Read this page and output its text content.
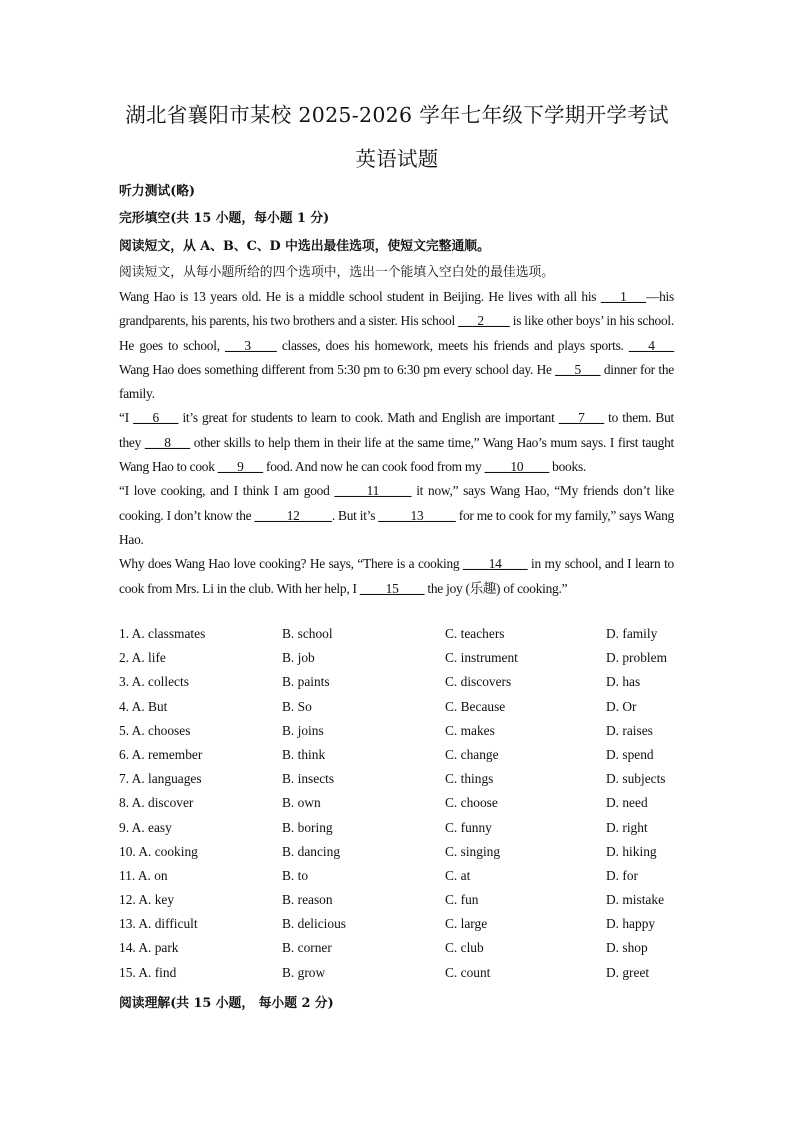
湖北省襄阳市某校 2025-2026 学年七年级下学期开学考试
英语试题
听力测试(略)
完形填空(共 15 小题，每小题 1 分)
阅读短文，从 A、B、C、D 中选出最佳选项，使短文完整通顺。
阅读短文，从每小题所给的四个选项中，选出一个能填入空白处的最佳选项。

Wang Hao is 13 years old. He is a middle school student in Beijing. He lives with all his ___1___—his grandparents, his parents, his two brothers and a sister. His school ___2____ is like other boys’ in his school. He goes to school, ___3____ classes, does his homework, meets his friends and plays sports. ___4___ Wang Hao does something different from 5:30 pm to 6:30 pm every school day. He ___5___ dinner for the family.

“I ___6___ it’s great for students to learn to cook. Math and English are important ___7___ to them. But they ___8___ other skills to help them in their life at the same time,” Wang Hao’s mum says. I first taught Wang Hao to cook ___9___ food. And now he can cook food from my ____10____ books.

“I love cooking, and I think I am good _____11_____ it now,” says Wang Hao, “My friends don’t like cooking. I don’t know the _____12_____. But it’s _____13_____ for me to cook for my family,” says Wang Hao.

Why does Wang Hao love cooking? He says, “There is a cooking ____14____ in my school, and I learn to cook from Mrs. Li in the club. With her help, I ____15____ the joy (乐趣) of cooking.”

1. A. classmates	B. school	C. teachers	D. family
2. A. life	B. job	C. instrument	D. problem
3. A. collects	B. paints	C. discovers	D. has
4. A. But	B. So	C. Because	D. Or
5. A. chooses	B. joins	C. makes	D. raises
6. A. remember	B. think	C. change	D. spend
7. A. languages	B. insects	C. things	D. subjects
8. A. discover	B. own	C. choose	D. need
9. A. easy	B. boring	C. funny	D. right
10. A. cooking	B. dancing	C. singing	D. hiking
11. A. on	B. to	C. at	D. for
12. A. key	B. reason	C. fun	D. mistake
13. A. difficult	B. delicious	C. large	D. happy
14. A. park	B. corner	C. club	D. shop
15. A. find	B. grow	C. count	D. greet
阅读理解(共 15 小题， 每小题 2 分)
